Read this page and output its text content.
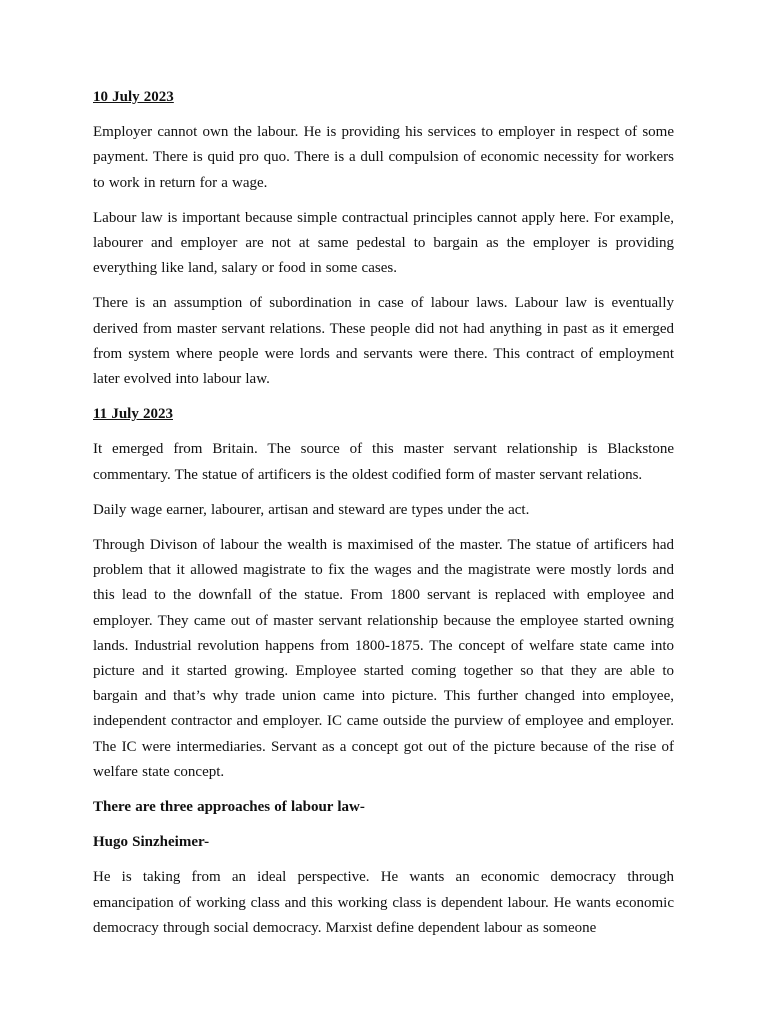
10 July 2023

Employer cannot own the labour. He is providing his services to employer in respect of some payment. There is quid pro quo. There is a dull compulsion of economic necessity for workers to work in return for a wage.

Labour law is important because simple contractual principles cannot apply here. For example, labourer and employer are not at same pedestal to bargain as the employer is providing everything like land, salary or food in some cases.

There is an assumption of subordination in case of labour laws. Labour law is eventually derived from master servant relations. These people did not had anything in past as it emerged from system where people were lords and servants were there. This contract of employment later evolved into labour law.

11 July 2023

It emerged from Britain. The source of this master servant relationship is Blackstone commentary. The statue of artificers is the oldest codified form of master servant relations.

Daily wage earner, labourer, artisan and steward are types under the act.

Through Divison of labour the wealth is maximised of the master. The statue of artificers had problem that it allowed magistrate to fix the wages and the magistrate were mostly lords and this lead to the downfall of the statue. From 1800 servant is replaced with employee and employer. They came out of master servant relationship because the employee started owning lands. Industrial revolution happens from 1800-1875. The concept of welfare state came into picture and it started growing. Employee started coming together so that they are able to bargain and that’s why trade union came into picture. This further changed into employee, independent contractor and employer. IC came outside the purview of employee and employer. The IC were intermediaries. Servant as a concept got out of the picture because of the rise of welfare state concept.

There are three approaches of labour law-

Hugo Sinzheimer-

He is taking from an ideal perspective. He wants an economic democracy through emancipation of working class and this working class is dependent labour. He wants economic democracy through social democracy. Marxist define dependent labour as someone
